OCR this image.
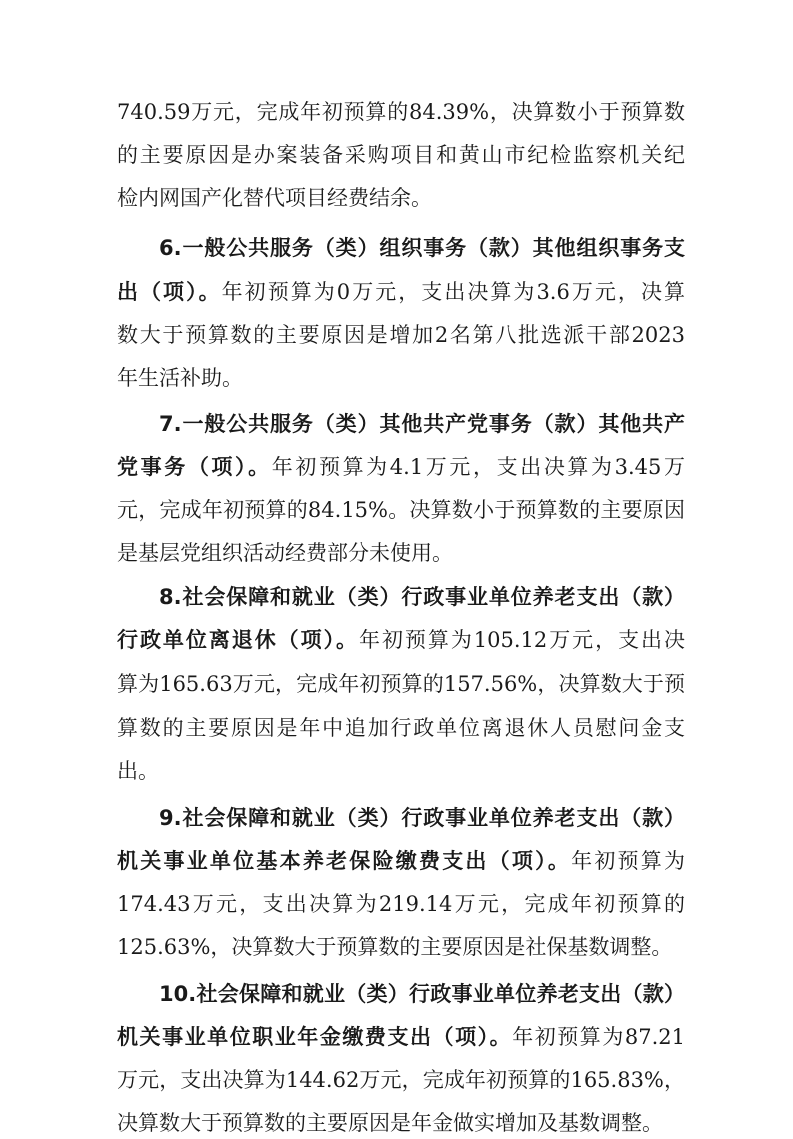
740.59万元，完成年初预算的84.39%，决算数小于预算数
的主要原因是办案装备采购项目和黄山市纪检监察机关纪
检内网国产化替代项目经费结余。
6.一般公共服务（类）组织事务（款）其他组织事务支
出（项）。年初预算为0万元，支出决算为3.6万元，决算
数大于预算数的主要原因是增加2名第八批选派干部2023
年生活补助。
7.一般公共服务（类）其他共产党事务（款）其他共产
党事务（项）。年初预算为4.1万元，支出决算为3.45万
元，完成年初预算的84.15%。决算数小于预算数的主要原因
是基层党组织活动经费部分未使用。
8.社会保障和就业（类）行政事业单位养老支出（款）
行政单位离退休（项）。年初预算为105.12万元，支出决
算为165.63万元，完成年初预算的157.56%，决算数大于预
算数的主要原因是年中追加行政单位离退休人员慰问金支
出。
9.社会保障和就业（类）行政事业单位养老支出（款）
机关事业单位基本养老保险缴费支出（项）。年初预算为
174.43万元，支出决算为219.14万元，完成年初预算的
125.63%，决算数大于预算数的主要原因是社保基数调整。
10.社会保障和就业（类）行政事业单位养老支出（款）
机关事业单位职业年金缴费支出（项）。年初预算为87.21
万元，支出决算为144.62万元，完成年初预算的165.83%，
决算数大于预算数的主要原因是年金做实增加及基数调整。
